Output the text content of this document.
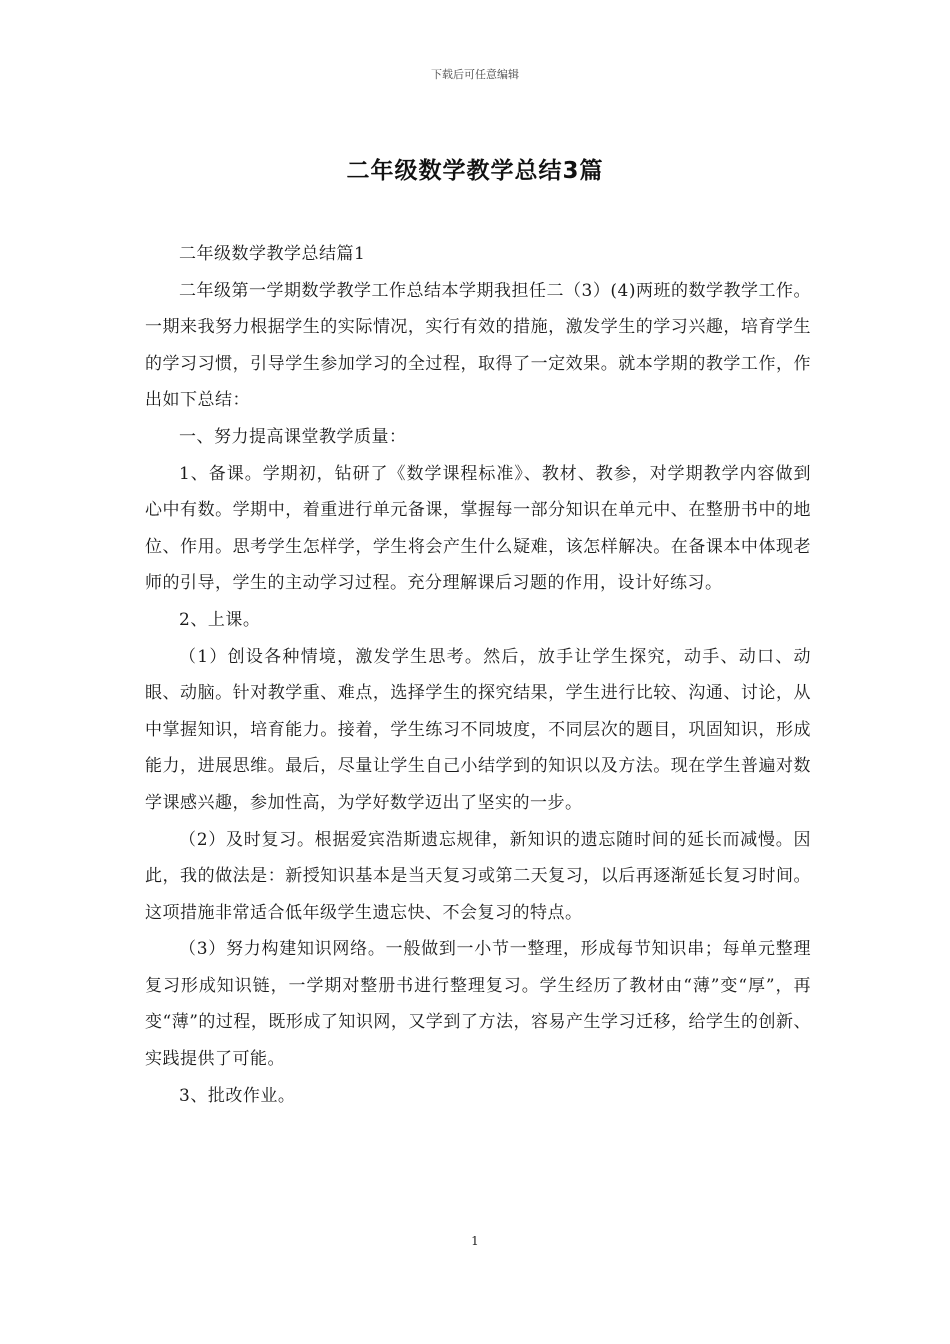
下载后可任意编辑
二年级数学教学总结3篇

二年级数学教学总结篇1

二年级第一学期数学教学工作总结本学期我担任二（3）(4)两班的数学教学工作。一期来我努力根据学生的实际情况，实行有效的措施，激发学生的学习兴趣，培育学生的学习习惯，引导学生参加学习的全过程，取得了一定效果。就本学期的教学工作，作出如下总结：

一、努力提高课堂教学质量：

1、备课。学期初，钻研了《数学课程标准》、教材、教参，对学期教学内容做到心中有数。学期中，着重进行单元备课，掌握每一部分知识在单元中、在整册书中的地位、作用。思考学生怎样学，学生将会产生什么疑难，该怎样解决。在备课本中体现老师的引导，学生的主动学习过程。充分理解课后习题的作用，设计好练习。

2、上课。

（1）创设各种情境，激发学生思考。然后，放手让学生探究，动手、动口、动眼、动脑。针对教学重、难点，选择学生的探究结果，学生进行比较、沟通、讨论，从中掌握知识，培育能力。接着，学生练习不同坡度，不同层次的题目，巩固知识，形成能力，进展思维。最后，尽量让学生自己小结学到的知识以及方法。现在学生普遍对数学课感兴趣，参加性高，为学好数学迈出了坚实的一步。

（2）及时复习。根据爱宾浩斯遗忘规律，新知识的遗忘随时间的延长而减慢。因此，我的做法是：新授知识基本是当天复习或第二天复习，以后再逐渐延长复习时间。这项措施非常适合低年级学生遗忘快、不会复习的特点。

（3）努力构建知识网络。一般做到一小节一整理，形成每节知识串；每单元整理复习形成知识链，一学期对整册书进行整理复习。学生经历了教材由“薄”变“厚”，再变“薄”的过程，既形成了知识网，又学到了方法，容易产生学习迁移，给学生的创新、实践提供了可能。

3、批改作业。

1
